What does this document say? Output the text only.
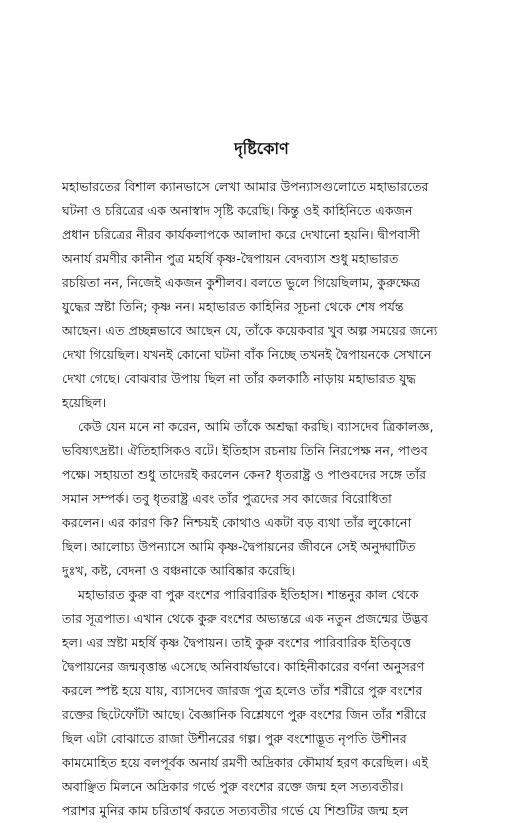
দৃষ্টিকোণ
মহাভারতের বিশাল ক্যানভাসে লেখা আমার উপন্যাসগুলোতে মহাভারতের
ঘটনা ও চরিত্রের এক অনাস্বাদ সৃষ্টি করেছি। কিন্তু ওই কাহিনিতে একজন
প্রধান চরিত্রের নীরব কার্যকলাপকে আলাদা করে দেখানো হয়নি। দ্বীপবাসী
অনার্য রমণীর কানীন পুত্র মহর্ষি কৃষ্ণ-দ্বৈপায়ন বেদব্যাস শুধু মহাভারত
রচয়িতা নন, নিজেই একজন কুশীলব। বলতে ভুলে গিয়েছিলাম, কুরুক্ষেত্র
যুদ্ধের স্রষ্টা তিনি; কৃষ্ণ নন। মহাভারত কাহিনির সূচনা থেকে শেষ পর্যন্ত
আছেন। এত প্রচ্ছন্নভাবে আছেন যে, তাঁকে কয়েকবার খুব অল্প সময়ের জন্যে
দেখা গিয়েছিল। যখনই কোনো ঘটনা বাঁক নিচ্ছে তখনই দ্বৈপায়নকে সেখানে
দেখা গেছে। বোঝবার উপায় ছিল না তাঁর কলকাঠি নাড়ায় মহাভারত যুদ্ধ
হয়েছিল।
কেউ যেন মনে না করেন, আমি তাঁকে অশ্রদ্ধা করছি। ব্যাসদেব ত্রিকালজ্ঞ,
ভবিষ্যৎদ্রষ্টা। ঐতিহাসিকও বটে। ইতিহাস রচনায় তিনি নিরপেক্ষ নন, পাণ্ডব
পক্ষে। সহায়তা শুধু তাদেরই করলেন কেন? ধৃতরাষ্ট্র ও পাণ্ডবদের সঙ্গে তাঁর
সমান সম্পর্ক। তবু ধৃতরাষ্ট্র এবং তাঁর পুত্রদের সব কাজের বিরোধিতা
করলেন। এর কারণ কি? নিশ্চয়ই কোথাও একটা বড় ব্যথা তাঁর লুকোনো
ছিল। আলোচ্য উপন্যাসে আমি কৃষ্ণ-দ্বৈপায়নের জীবনে সেই অনুদ্ঘাটিত
দুঃখ, কষ্ট, বেদনা ও বঞ্চনাকে আবিষ্কার করেছি।
মহাভারত কুরু বা পুরু বংশের পারিবারিক ইতিহাস। শান্তনুর কাল থেকে
তার সূত্রপাত। এখান থেকে কুরু বংশের অভ্যন্তরে এক নতুন প্রজন্মের উদ্ভব
হল। এর স্রষ্টা মহর্ষি কৃষ্ণ দ্বৈপায়ন। তাই কুরু বংশের পারিবারিক ইতিবৃত্তে
দ্বৈপায়নের জন্মবৃত্তান্ত এসেছে অনিবার্যভাবে। কাহিনীকারের বর্ণনা অনুসরণ
করলে স্পষ্ট হয়ে যায়, ব্যাসদেব জারজ পুত্র হলেও তাঁর শরীরে পুরু বংশের
রক্তের ছিটেফোঁটা আছে। বৈজ্ঞানিক বিশ্লেষণে পুরু বংশের জিন তাঁর শরীরে
ছিল এটা বোঝাতে রাজা উশীনরের গল্প। পুরু বংশোদ্ভূত নৃপতি উশীনর
কামমোহিত হয়ে বলপূর্বক অনার্য রমণী অদ্রিকার কৌমার্য হরণ করেছিল। এই
অবাঞ্ছিত মিলনে অদ্রিকার গর্ভে পুরু বংশের রক্তে জন্ম হল সত্যবতীর।
পরাশর মুনির কাম চরিতার্থ করতে সত্যবতীর গর্ভে যে শিশুটির জন্ম হল
